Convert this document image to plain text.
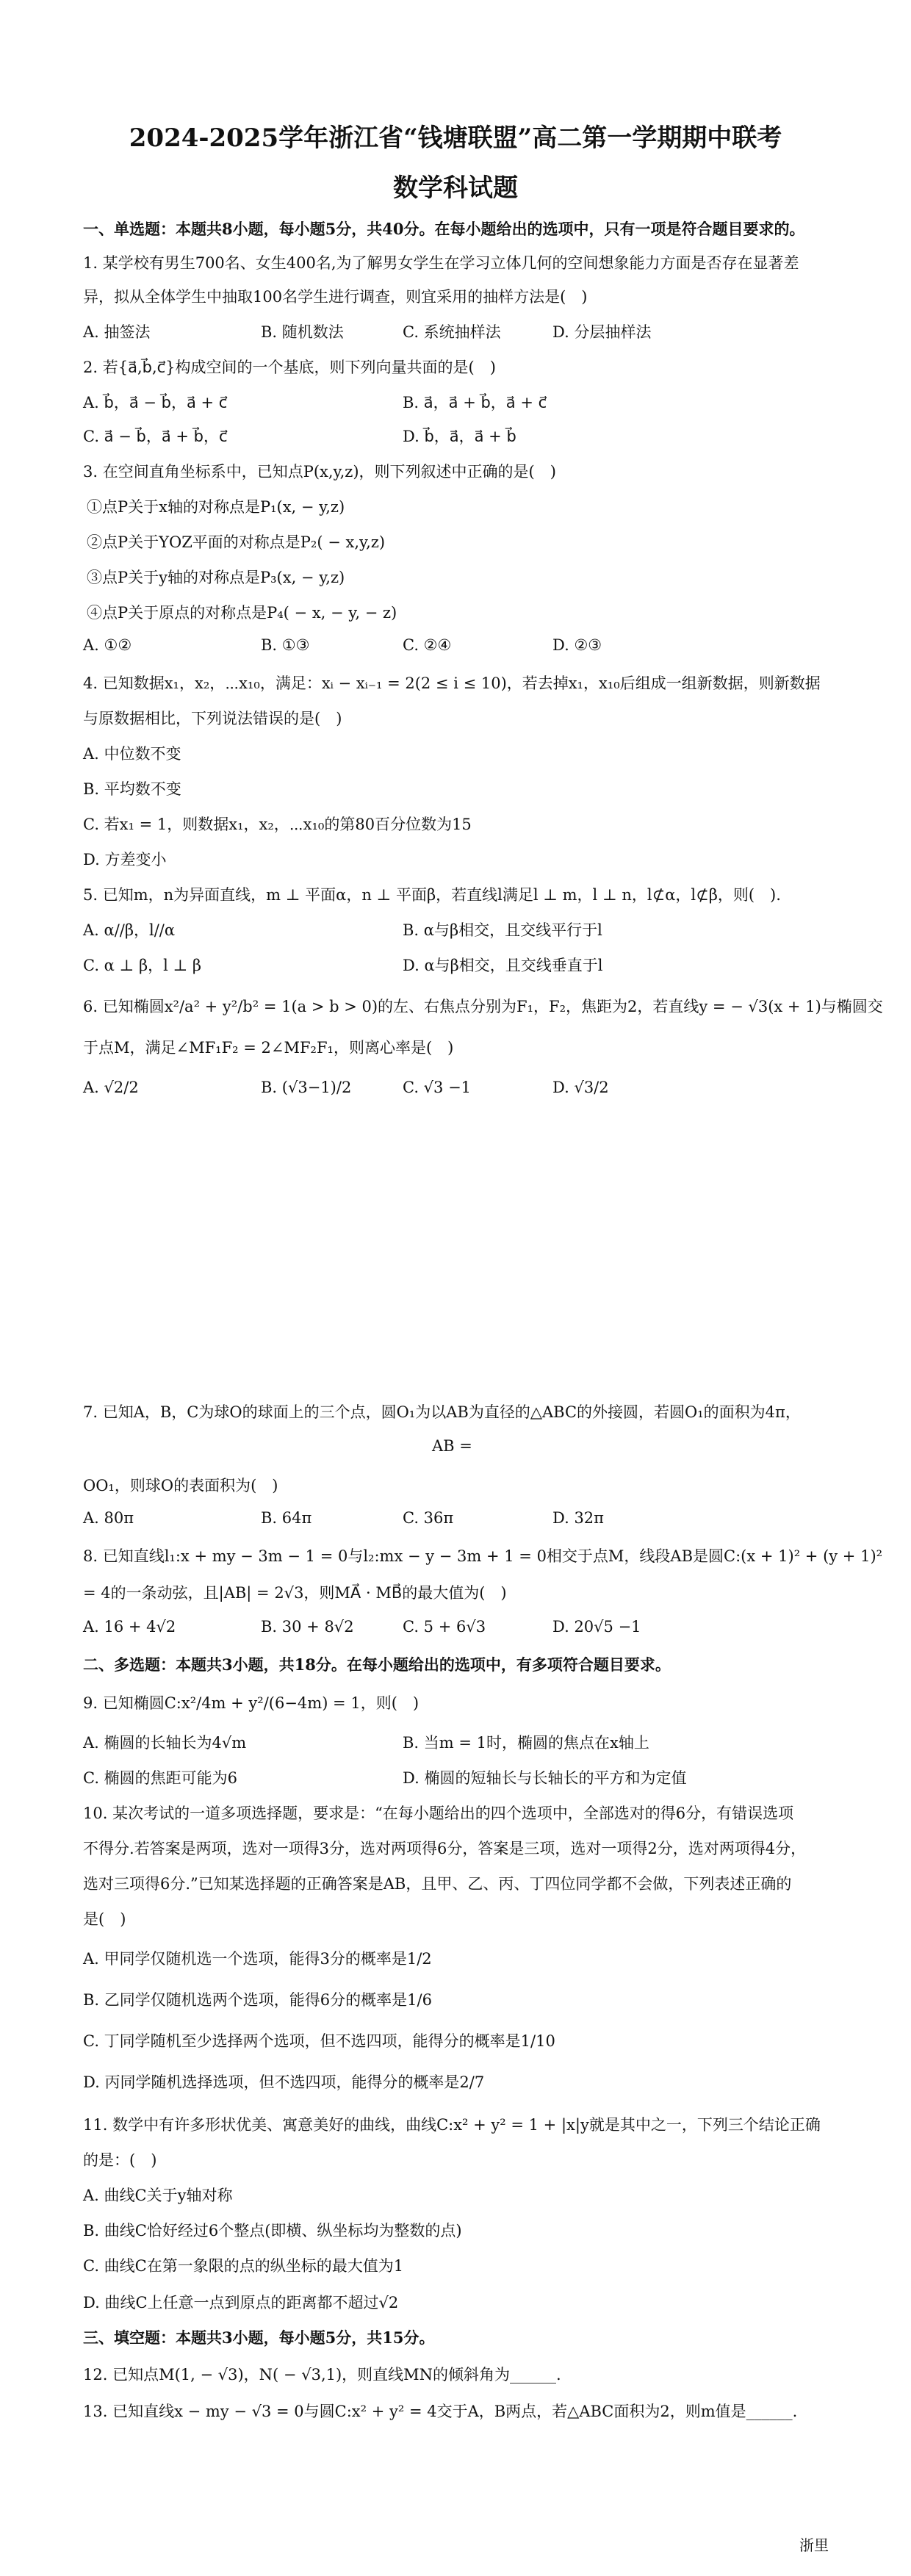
2024-2025学年浙江省“钱塘联盟”高二第一学期期中联考
数学科试题
一、单选题：本题共8小题，每小题5分，共40分。在每小题给出的选项中，只有一项是符合题目要求的。
1. 某学校有男生700名、女生400名,为了解男女学生在学习立体几何的空间想象能力方面是否存在显著差
异，拟从全体学生中抽取100名学生进行调查，则宜采用的抽样方法是(　)
A. 抽签法	B. 随机数法	C. 系统抽样法	D. 分层抽样法
2. 若{a⃗,b⃗,c⃗}构成空间的一个基底，则下列向量共面的是(　)
A. b⃗，a⃗ − b⃗，a⃗ + c⃗	B. a⃗，a⃗ + b⃗，a⃗ + c⃗
C. a⃗ − b⃗，a⃗ + b⃗，c⃗	D. b⃗，a⃗，a⃗ + b⃗
3. 在空间直角坐标系中，已知点P(x,y,z)，则下列叙述中正确的是(　)
①点P关于x轴的对称点是P₁(x, − y,z)
②点P关于YOZ平面的对称点是P₂( − x,y,z)
③点P关于y轴的对称点是P₃(x, − y,z)
④点P关于原点的对称点是P₄( − x, − y, − z)
A. ①②	B. ①③	C. ②④	D. ②③
4. 已知数据x₁，x₂，⋯x₁₀，满足：xᵢ − xᵢ₋₁ = 2(2 ≤ i ≤ 10)，若去掉x₁，x₁₀后组成一组新数据，则新数据
与原数据相比，下列说法错误的是(　)
A. 中位数不变
B. 平均数不变
C. 若x₁ = 1，则数据x₁，x₂，⋯x₁₀的第80百分位数为15
D. 方差变小
5. 已知m，n为异面直线，m ⊥ 平面α，n ⊥ 平面β，若直线l满足l ⊥ m，l ⊥ n，l⊄α，l⊄β，则(　).
A. α//β，l//α	B. α与β相交，且交线平行于l
C. α ⊥ β，l ⊥ β	D. α与β相交，且交线垂直于l
6. 已知椭圆x²/a² + y²/b² = 1(a > b > 0)的左、右焦点分别为F₁，F₂，焦距为2，若直线y = − √3(x + 1)与椭圆交
于点M，满足∠MF₁F₂ = 2∠MF₂F₁，则离心率是(　)
A. √2/2	B. (√3−1)/2	C. √3 −1	D. √3/2
7. 已知A，B，C为球O的球面上的三个点，圆O₁为以AB为直径的△ABC的外接圆，若圆O₁的面积为4π，
AB =
OO₁，则球O的表面积为(　)
A. 80π	B. 64π	C. 36π	D. 32π
8. 已知直线l₁:x + my − 3m − 1 = 0与l₂:mx − y − 3m + 1 = 0相交于点M，线段AB是圆C:(x + 1)² + (y + 1)²
= 4的一条动弦，且|AB| = 2√3，则MA⃗ · MB⃗的最大值为(　)
A. 16 + 4√2	B. 30 + 8√2	C. 5 + 6√3	D. 20√5 −1
二、多选题：本题共3小题，共18分。在每小题给出的选项中，有多项符合题目要求。
9. 已知椭圆C:x²/4m + y²/(6−4m) = 1，则(　)
A. 椭圆的长轴长为4√m	B. 当m = 1时，椭圆的焦点在x轴上
C. 椭圆的焦距可能为6	D. 椭圆的短轴长与长轴长的平方和为定值
10. 某次考试的一道多项选择题，要求是：“在每小题给出的四个选项中，全部选对的得6分，有错误选项
不得分.若答案是两项，选对一项得3分，选对两项得6分，答案是三项，选对一项得2分，选对两项得4分，
选对三项得6分.”已知某选择题的正确答案是AB，且甲、乙、丙、丁四位同学都不会做，下列表述正确的
是(　)
A. 甲同学仅随机选一个选项，能得3分的概率是1/2
B. 乙同学仅随机选两个选项，能得6分的概率是1/6
C. 丁同学随机至少选择两个选项，但不选四项，能得分的概率是1/10
D. 丙同学随机选择选项，但不选四项，能得分的概率是2/7
11. 数学中有许多形状优美、寓意美好的曲线，曲线C:x² + y² = 1 + |x|y就是其中之一，下列三个结论正确
的是：(　)
A. 曲线C关于y轴对称
B. 曲线C恰好经过6个整点(即横、纵坐标均为整数的点)
C. 曲线C在第一象限的点的纵坐标的最大值为1
D. 曲线C上任意一点到原点的距离都不超过√2
三、填空题：本题共3小题，每小题5分，共15分。
12. 已知点M(1, − √3)，N( − √3,1)，则直线MN的倾斜角为______.
13. 已知直线x − my − √3 = 0与圆C:x² + y² = 4交于A，B两点，若△ABC面积为2，则m值是______.
浙里
